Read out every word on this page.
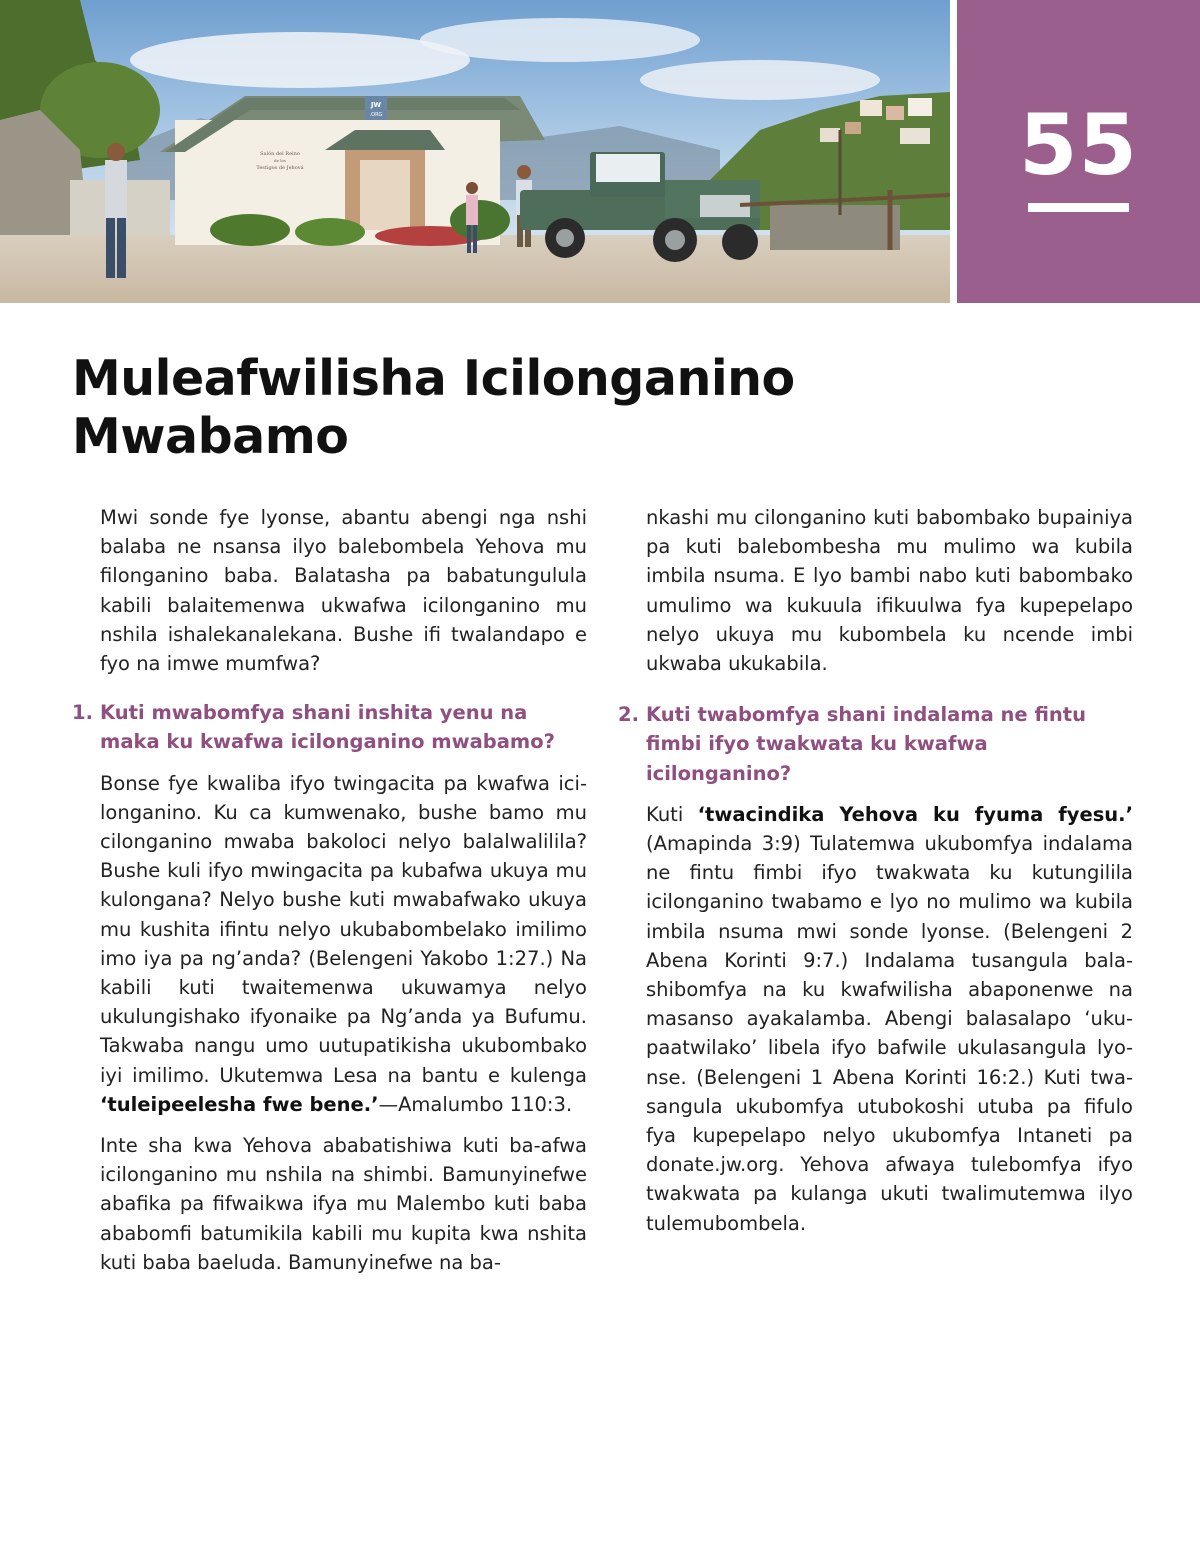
JW
.ORG
Salón del Reino
de los
Testigos de Jehová	55
Muleafwilisha Icilonganino Mwabamo

Mwi sonde fye lyonse, abantu abengi nga nshi balaba ne nsansa ilyo balebombela Yehova mu filonganino baba. Balatasha pa babatungulula kabili balaitemenwa ukwafwa icilonganino mu nshila ishalekanalekana. Bushe ifi twalandapo e fyo na imwe mumfwa?

1. Kuti mwabomfya shani inshita yenu na maka ku kwafwa icilonganino mwabamo?

Bonse fye kwaliba ifyo twingacita pa kwafwa icilonganino. Ku ca kumwenako, bushe bamo mu cilonganino mwaba bakoloci nelyo balalwalilila? Bushe kuli ifyo mwingacita pa kubafwa ukuya mu kulongana? Nelyo bushe kuti mwabafwako ukuya mu kushita ifintu nelyo ukubabombelako imilimo imo iya pa ng’anda? (Belengeni Yakobo 1:27.) Na kabili kuti twaitemenwa ukuwamya nelyo ukulungishako ifyonaike pa Ng’anda ya Bufumu. Takwaba nangu umo uutupatikisha ukubombako iyi imilimo. Ukutemwa Lesa na bantu e kulenga ‘tuleipeelesha fwe bene.’—Amalumbo 110:3.

Inte sha kwa Yehova ababatishiwa kuti ba-afwa icilonganino mu nshila na shimbi. Bamunyinefwe abafika pa fifwaikwa ifya mu Malembo kuti baba ababomfi batumikila kabili mu kupita kwa nshita kuti baba baeluda. Bamunyinefwe na ba-

nkashi mu cilonganino kuti babombako bupainiya pa kuti balebombesha mu mulimo wa kubila imbila nsuma. E lyo bambi nabo kuti babombako umulimo wa kukuula ifikuulwa fya kupepelapo nelyo ukuya mu kubombela ku ncende imbi ukwaba ukukabila.

2. Kuti twabomfya shani indalama ne fintu fimbi ifyo twakwata ku kwafwa icilonganino?

Kuti ‘twacindika Yehova ku fyuma fyesu.’ (Amapinda 3:9) Tulatemwa ukubomfya indalama ne fintu fimbi ifyo twakwata ku kutungilila icilonganino twabamo e lyo no mulimo wa kubila imbila nsuma mwi sonde lyonse. (Belengeni 2 Abena Korinti 9:7.) Indalama tusangula balashibomfya na ku kwafwilisha abaponenwe na masanso ayakalamba. Abengi balasalapo ‘ukupaatwilako’ libela ifyo bafwile ukulasangula lyonse. (Belengeni 1 Abena Korinti 16:2.) Kuti twasangula ukubomfya utubokoshi utuba pa fifulo fya kupepelapo nelyo ukubomfya Intaneti pa donate.jw.org. Yehova afwaya tulebomfya ifyo twakwata pa kulanga ukuti twalimutemwa ilyo tulemubombela.
